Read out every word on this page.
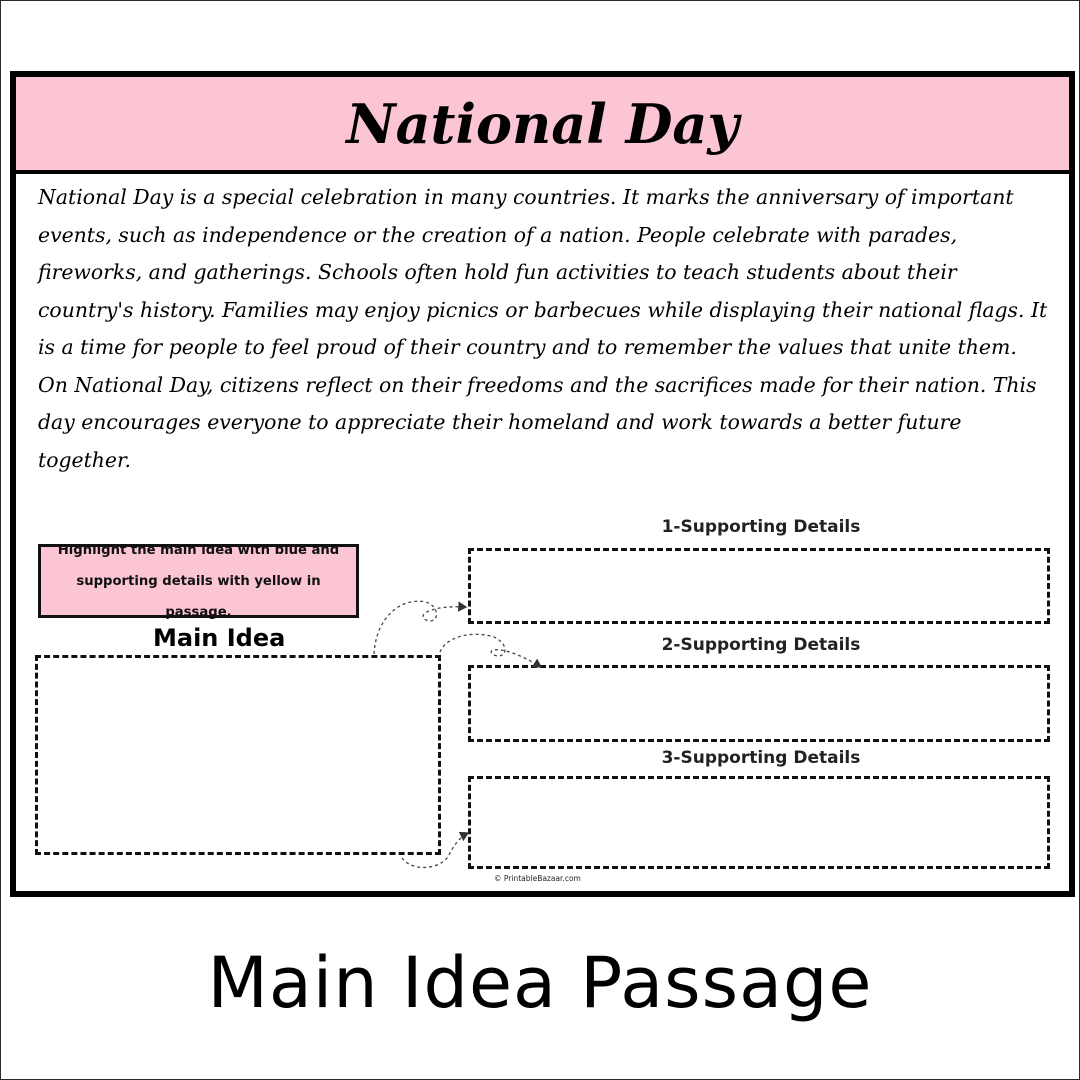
National Day

National Day is a special celebration in many countries. It marks the anniversary of important events, such as independence or the creation of a nation. People celebrate with parades, fireworks, and gatherings. Schools often hold fun activities to teach students about their country's history. Families may enjoy picnics or barbecues while displaying their national flags. It is a time for people to feel proud of their country and to remember the values that unite them. On National Day, citizens reflect on their freedoms and the sacrifices made for their nation. This day encourages everyone to appreciate their homeland and work towards a better future together.

Highlight the main idea with blue and supporting details with yellow in passage.
Main Idea
1-Supporting Details
2-Supporting Details
3-Supporting Details
© PrintableBazaar.com
Main Idea Passage
